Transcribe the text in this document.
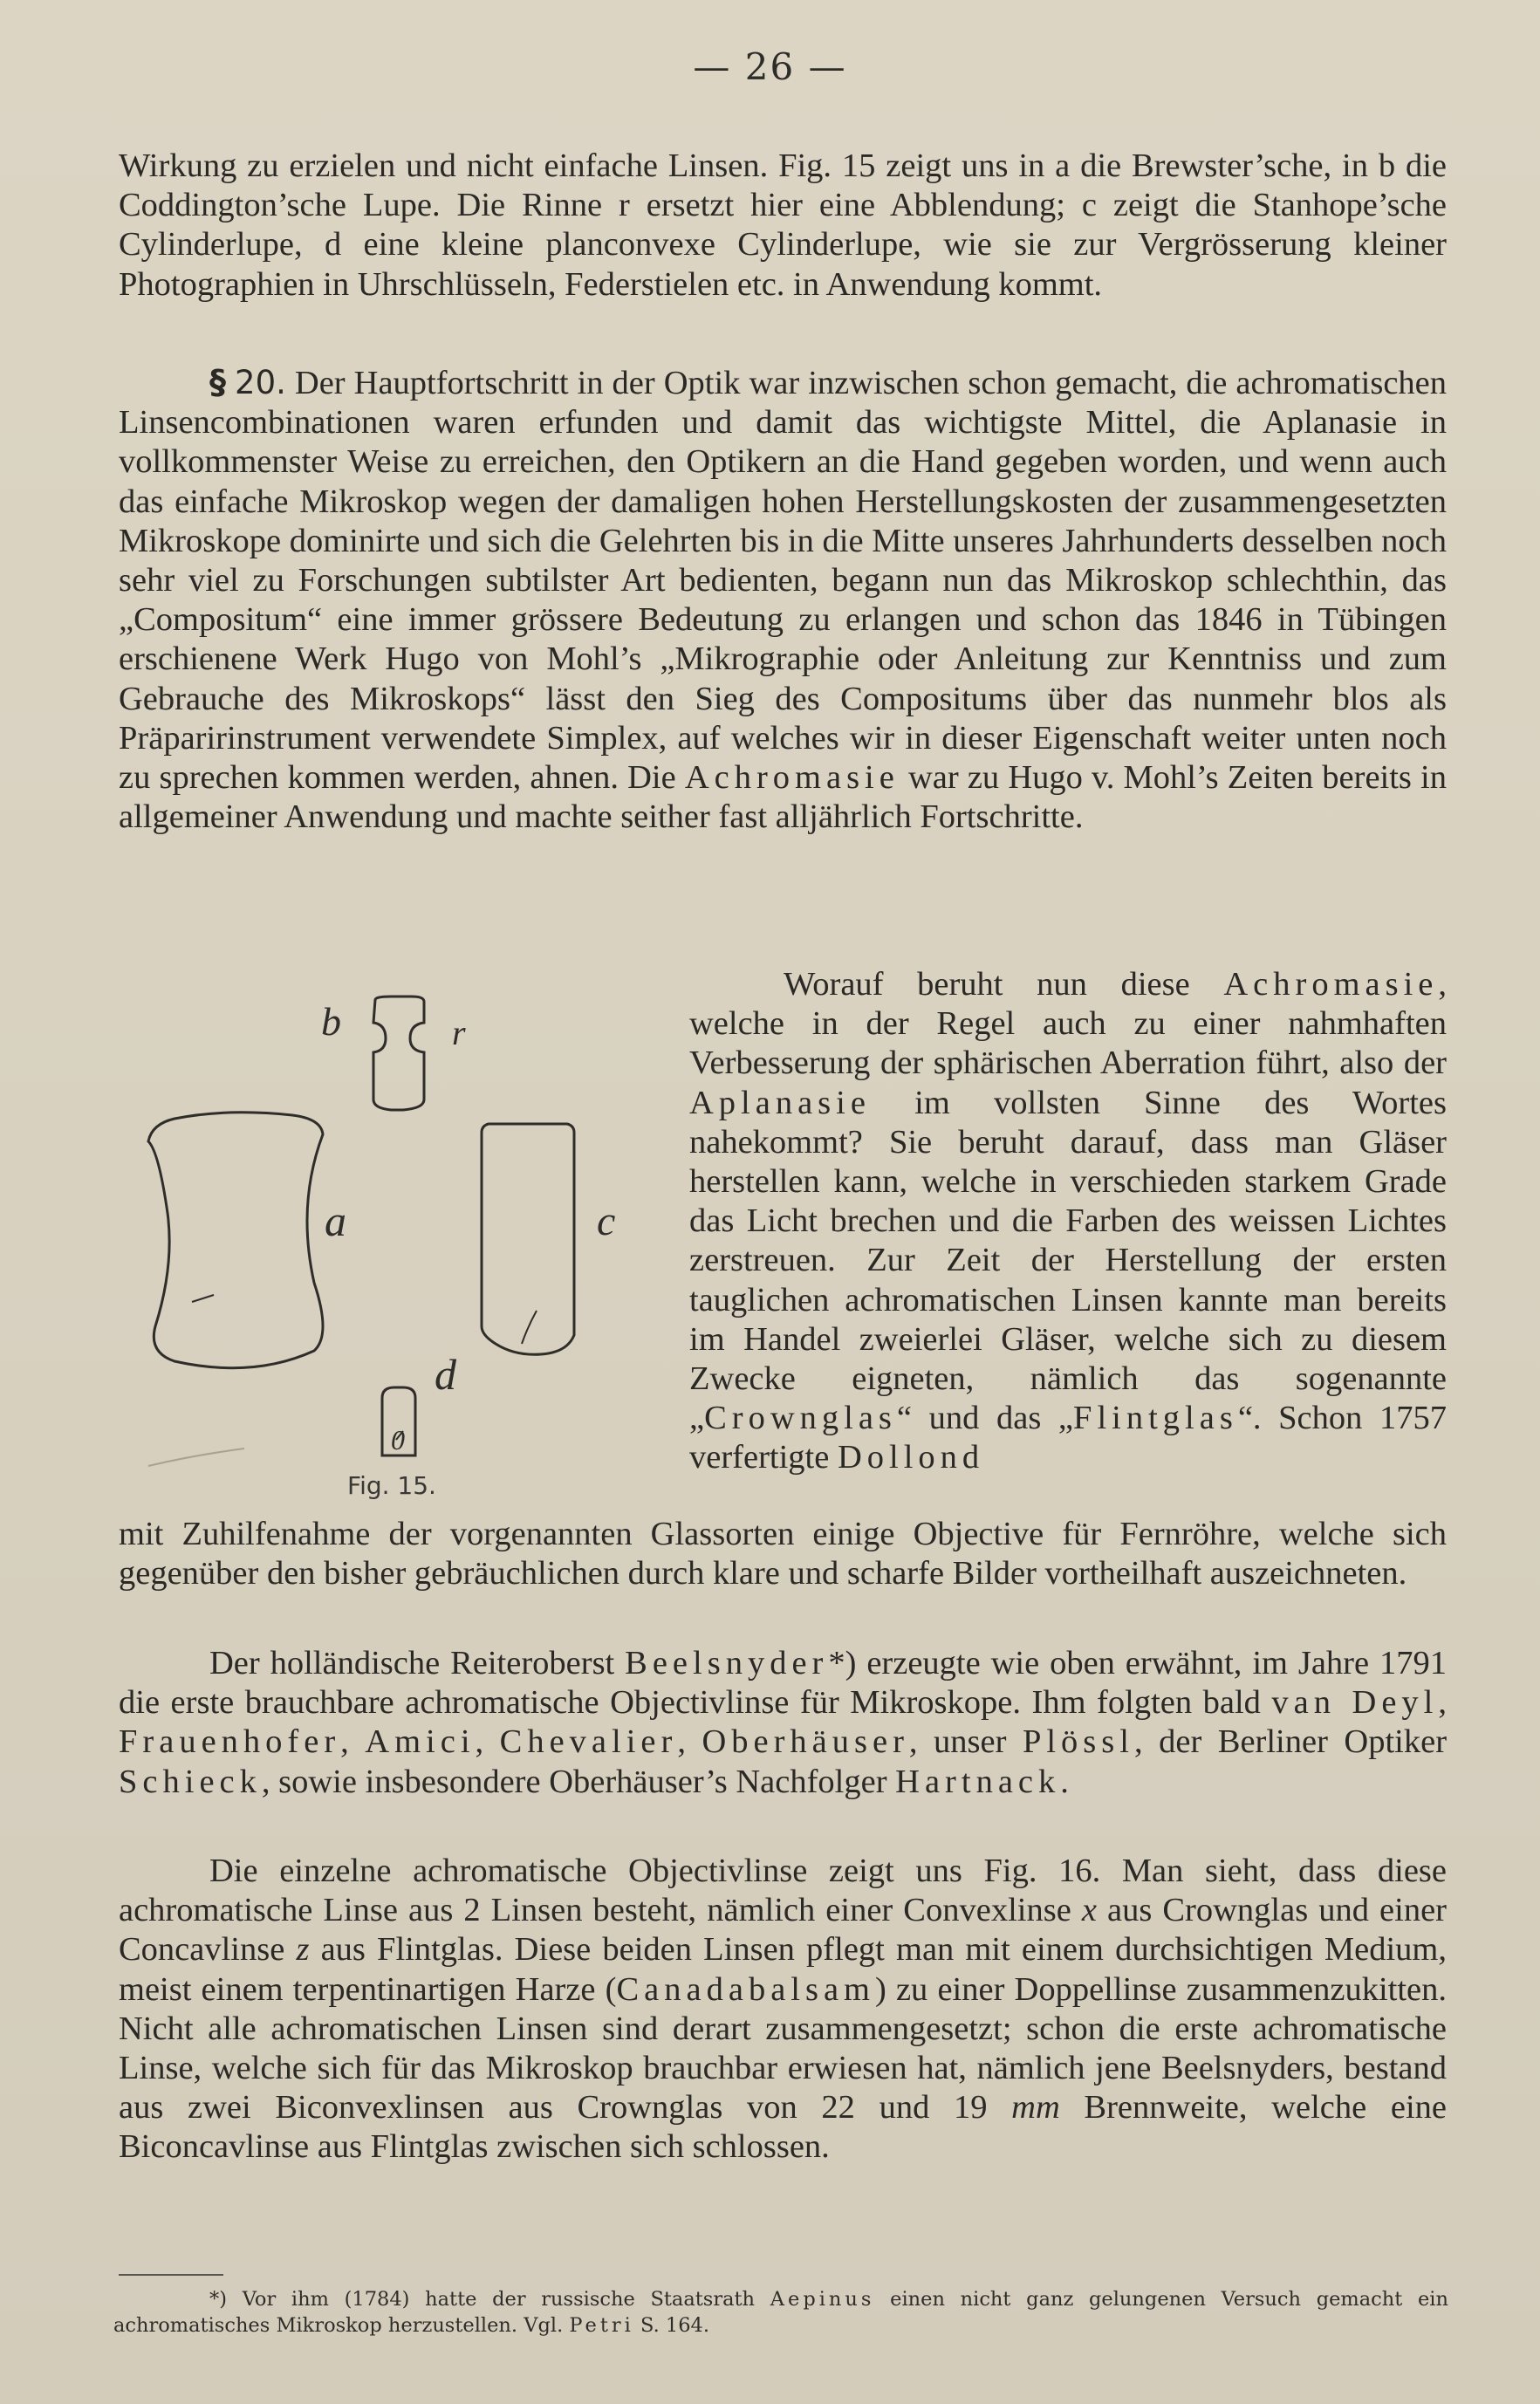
— 26 —

Wirkung zu erzielen und nicht einfache Linsen. Fig. 15 zeigt uns in a die Brewster’sche, in b die Coddington’sche Lupe. Die Rinne r ersetzt hier eine Abblendung; c zeigt die Stanhope’sche Cylinderlupe, d eine kleine planconvexe Cylinderlupe, wie sie zur Vergrösserung kleiner Photographien in Uhrschlüsseln, Federstielen etc. in Anwendung kommt.

§ 20. Der Hauptfortschritt in der Optik war inzwischen schon gemacht, die achromatischen Linsencombinationen waren erfunden und damit das wichtigste Mittel, die Aplanasie in vollkommenster Weise zu erreichen, den Optikern an die Hand gegeben worden, und wenn auch das einfache Mikroskop wegen der damaligen hohen Herstellungskosten der zusammengesetzten Mikroskope dominirte und sich die Gelehrten bis in die Mitte unseres Jahrhunderts desselben noch sehr viel zu Forschungen subtilster Art bedienten, begann nun das Mikroskop schlechthin, das „Compositum“ eine immer grössere Bedeutung zu erlangen und schon das 1846 in Tübingen erschienene Werk Hugo von Mohl’s „Mikrographie oder Anleitung zur Kenntniss und zum Gebrauche des Mikroskops“ lässt den Sieg des Compositums über das nunmehr blos als Präparirinstrument verwendete Simplex, auf welches wir in dieser Eigenschaft weiter unten noch zu sprechen kommen werden, ahnen. Die Achromasie war zu Hugo v. Mohl’s Zeiten bereits in allgemeiner Anwendung und machte seither fast alljährlich Fortschritte.

b	r
a	c
d
0
Fig. 15.

Worauf beruht nun diese Achromasie, welche in der Regel auch zu einer nahmhaften Verbesserung der sphärischen Aberration führt, also der Aplanasie im vollsten Sinne des Wortes nahekommt? Sie beruht darauf, dass man Gläser herstellen kann, welche in verschieden starkem Grade das Licht brechen und die Farben des weissen Lichtes zerstreuen. Zur Zeit der Herstellung der ersten tauglichen achromatischen Linsen kannte man bereits im Handel zweierlei Gläser, welche sich zu diesem Zwecke eigneten, nämlich das sogenannte „Crownglas“ und das „Flintglas“. Schon 1757 verfertigte Dollond

mit Zuhilfenahme der vorgenannten Glassorten einige Objective für Fernröhre, welche sich gegenüber den bisher gebräuchlichen durch klare und scharfe Bilder vortheilhaft auszeichneten.

Der holländische Reiteroberst Beelsnyder*) erzeugte wie oben erwähnt, im Jahre 1791 die erste brauchbare achromatische Objectivlinse für Mikroskope. Ihm folgten bald van Deyl, Frauenhofer, Amici, Chevalier, Oberhäuser, unser Plössl, der Berliner Optiker Schieck, sowie insbesondere Oberhäuser’s Nachfolger Hartnack.

Die einzelne achromatische Objectivlinse zeigt uns Fig. 16. Man sieht, dass diese achromatische Linse aus 2 Linsen besteht, nämlich einer Convexlinse x aus Crownglas und einer Concavlinse z aus Flintglas. Diese beiden Linsen pflegt man mit einem durchsichtigen Medium, meist einem terpentinartigen Harze (Canadabalsam) zu einer Doppellinse zusammenzukitten. Nicht alle achromatischen Linsen sind derart zusammengesetzt; schon die erste achromatische Linse, welche sich für das Mikroskop brauchbar erwiesen hat, nämlich jene Beelsnyders, bestand aus zwei Biconvexlinsen aus Crownglas von 22 und 19 mm Brennweite, welche eine Biconcavlinse aus Flintglas zwischen sich schlossen.

*) Vor ihm (1784) hatte der russische Staatsrath Aepinus einen nicht ganz gelungenen Versuch gemacht ein achromatisches Mikroskop herzustellen. Vgl. Petri S. 164.
